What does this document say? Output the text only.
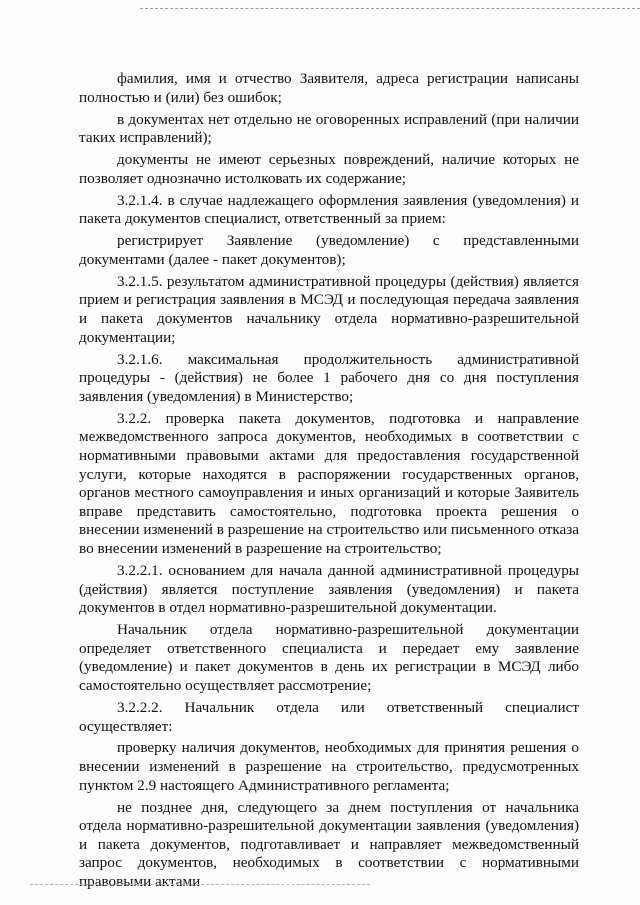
фамилия, имя и отчество Заявителя, адреса регистрации написаны полностью и (или) без ошибок;

в документах нет отдельно не оговоренных исправлений (при наличии таких исправлений);

документы не имеют серьезных повреждений, наличие которых не позволяет однозначно истолковать их содержание;

3.2.1.4. в случае надлежащего оформления заявления (уведомления) и пакета документов специалист, ответственный за прием:

регистрирует Заявление (уведомление) с представленными документами (далее - пакет документов);

3.2.1.5. результатом административной процедуры (действия) является прием и регистрация заявления в МСЭД и последующая передача заявления и пакета документов начальнику отдела нормативно-разрешительной документации;

3.2.1.6. максимальная продолжительность административной процедуры - (действия) не более 1 рабочего дня со дня поступления заявления (уведомления) в Министерство;

3.2.2. проверка пакета документов, подготовка и направление межведомственного запроса документов, необходимых в соответствии с нормативными правовыми актами для предоставления государственной услуги, которые находятся в распоряжении государственных органов, органов местного самоуправления и иных организаций и которые Заявитель вправе представить самостоятельно, подготовка проекта решения о внесении изменений в разрешение на строительство или письменного отказа во внесении изменений в разрешение на строительство;

3.2.2.1. основанием для начала данной административной процедуры (действия) является поступление заявления (уведомления) и пакета документов в отдел нормативно-разрешительной документации.

Начальник отдела нормативно-разрешительной документации определяет ответственного специалиста и передает ему заявление (уведомление) и пакет документов в день их регистрации в МСЭД либо самостоятельно осуществляет рассмотрение;

3.2.2.2. Начальник отдела или ответственный специалист осуществляет:

проверку наличия документов, необходимых для принятия решения о внесении изменений в разрешение на строительство, предусмотренных пунктом 2.9 настоящего Административного регламента;

не позднее дня, следующего за днем поступления от начальника отдела нормативно-разрешительной документации заявления (уведомления) и пакета документов, подготавливает и направляет межведомственный запрос документов, необходимых в соответствии с нормативными правовыми актами
